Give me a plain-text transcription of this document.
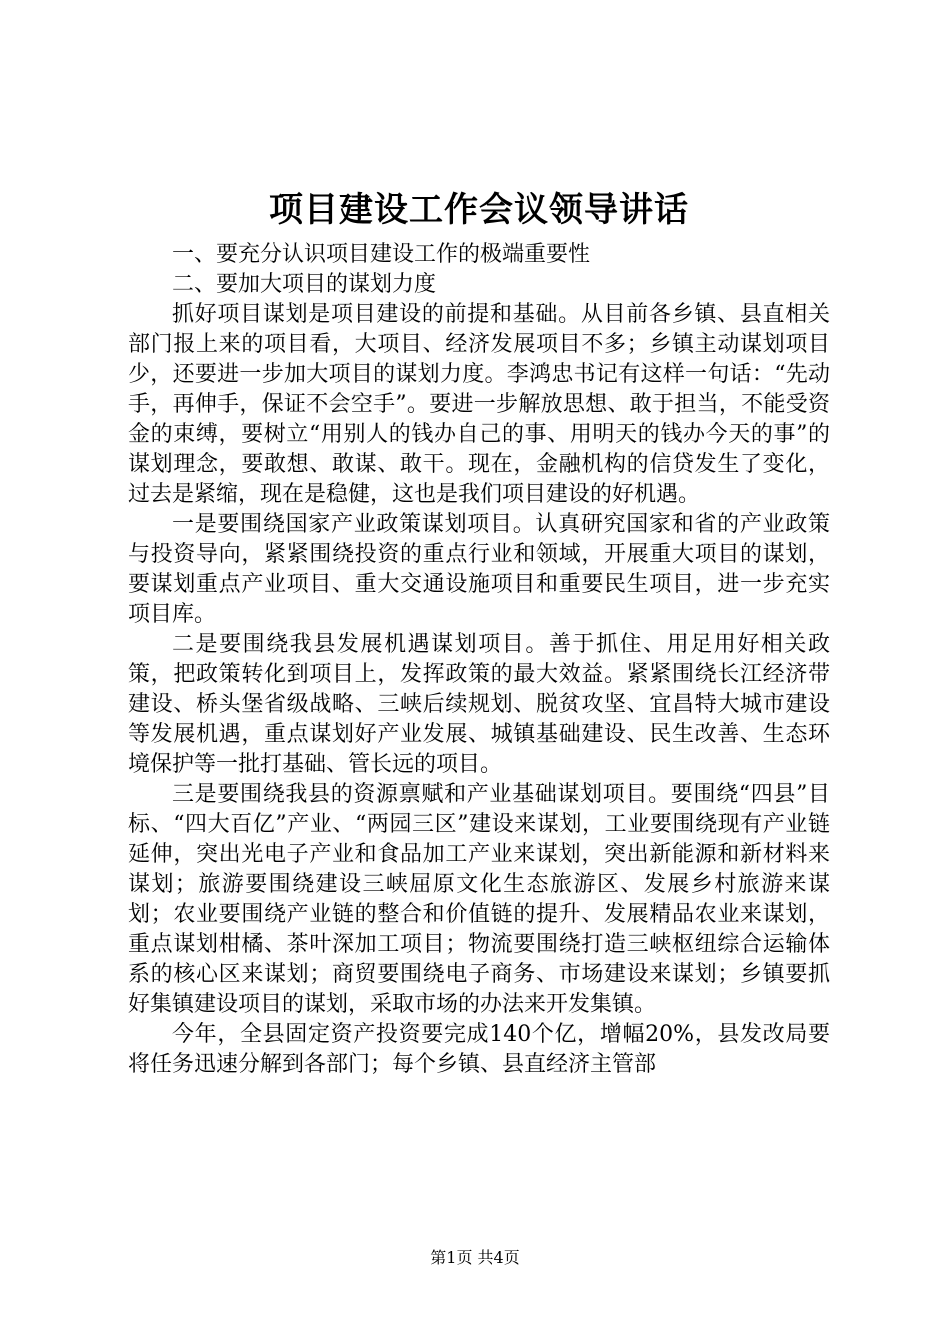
项目建设工作会议领导讲话

一、要充分认识项目建设工作的极端重要性

二、要加大项目的谋划力度

抓好项目谋划是项目建设的前提和基础。从目前各乡镇、县直相关部门报上来的项目看，大项目、经济发展项目不多；乡镇主动谋划项目少，还要进一步加大项目的谋划力度。李鸿忠书记有这样一句话：“先动手，再伸手，保证不会空手”。要进一步解放思想、敢于担当，不能受资金的束缚，要树立“用别人的钱办自己的事、用明天的钱办今天的事”的谋划理念，要敢想、敢谋、敢干。现在，金融机构的信贷发生了变化，过去是紧缩，现在是稳健，这也是我们项目建设的好机遇。

一是要围绕国家产业政策谋划项目。认真研究国家和省的产业政策与投资导向，紧紧围绕投资的重点行业和领域，开展重大项目的谋划，要谋划重点产业项目、重大交通设施项目和重要民生项目，进一步充实项目库。

二是要围绕我县发展机遇谋划项目。善于抓住、用足用好相关政策，把政策转化到项目上，发挥政策的最大效益。紧紧围绕长江经济带建设、桥头堡省级战略、三峡后续规划、脱贫攻坚、宜昌特大城市建设等发展机遇，重点谋划好产业发展、城镇基础建设、民生改善、生态环境保护等一批打基础、管长远的项目。

三是要围绕我县的资源禀赋和产业基础谋划项目。要围绕“四县”目标、“四大百亿”产业、“两园三区”建设来谋划，工业要围绕现有产业链延伸，突出光电子产业和食品加工产业来谋划，突出新能源和新材料来谋划；旅游要围绕建设三峡屈原文化生态旅游区、发展乡村旅游来谋划；农业要围绕产业链的整合和价值链的提升、发展精品农业来谋划，重点谋划柑橘、茶叶深加工项目；物流要围绕打造三峡枢纽综合运输体系的核心区来谋划；商贸要围绕电子商务、市场建设来谋划；乡镇要抓好集镇建设项目的谋划，采取市场的办法来开发集镇。

今年，全县固定资产投资要完成140个亿，增幅20%，县发改局要将任务迅速分解到各部门；每个乡镇、县直经济主管部

第1页 共4页
